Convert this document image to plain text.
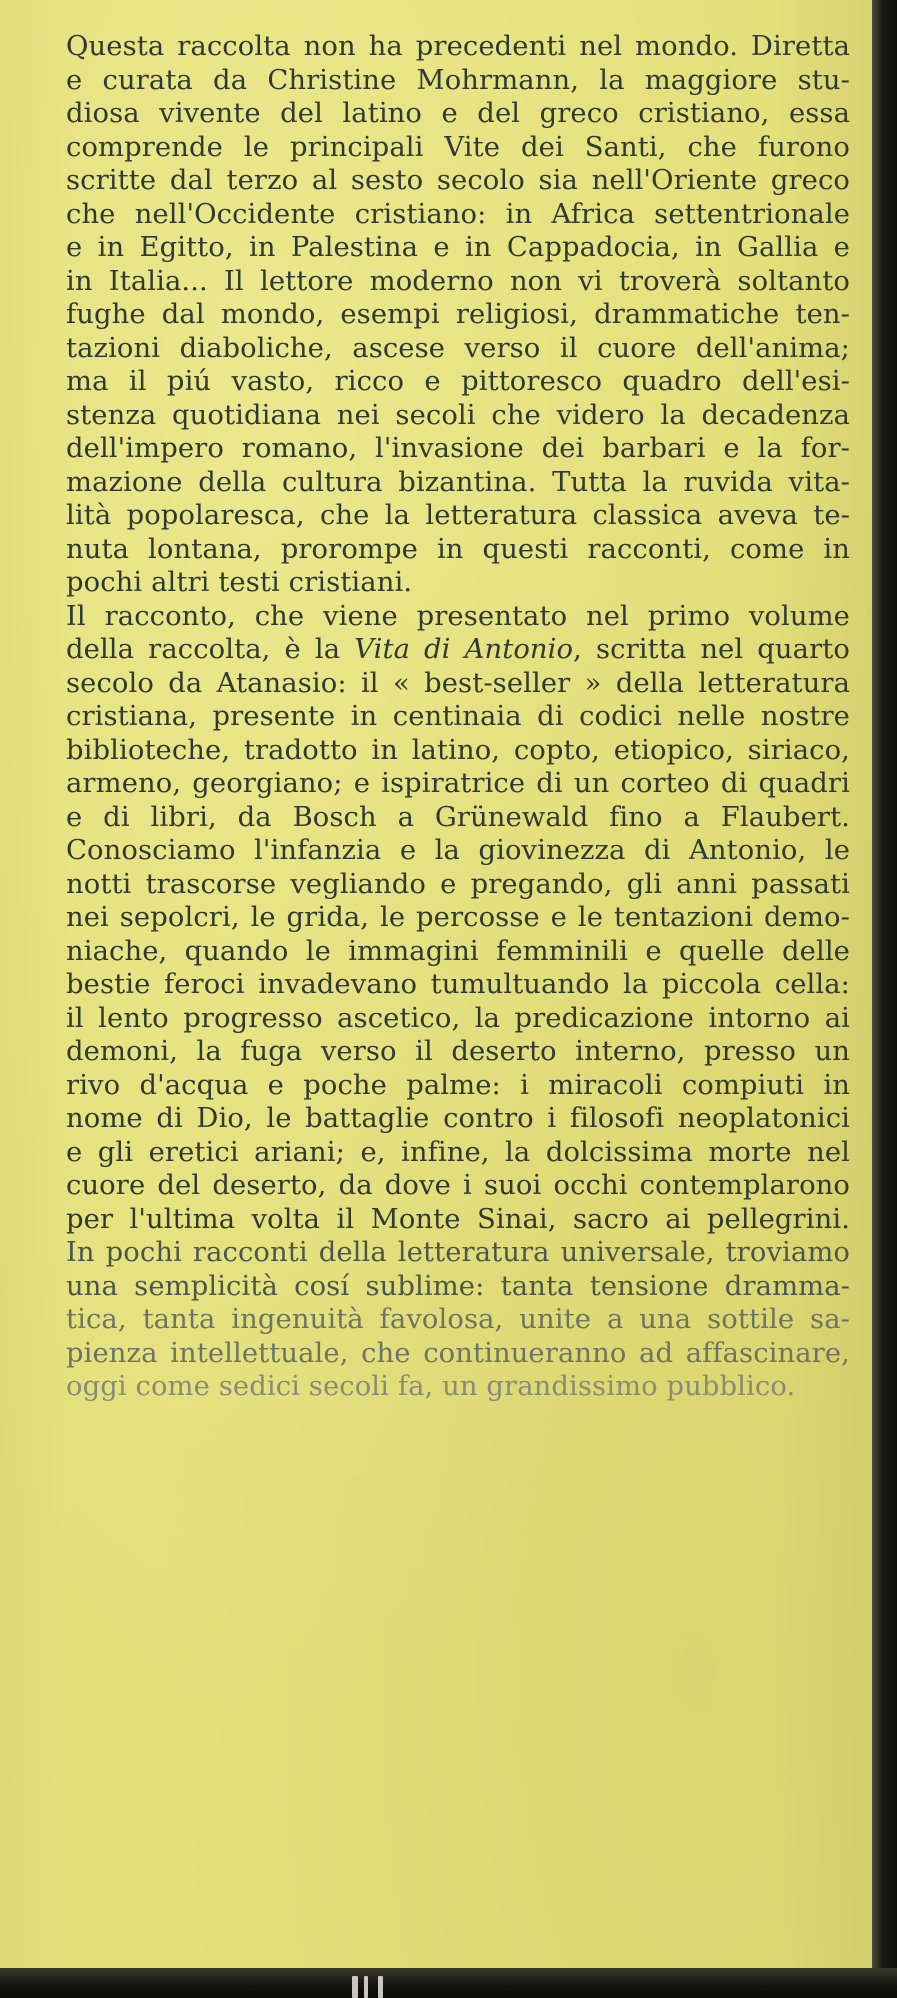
Questa raccolta non ha precedenti nel mondo. Diretta
e curata da Christine Mohrmann, la maggiore stu-
diosa vivente del latino e del greco cristiano, essa
comprende le principali Vite dei Santi, che furono
scritte dal terzo al sesto secolo sia nell'Oriente greco
che nell'Occidente cristiano: in Africa settentrionale
e in Egitto, in Palestina e in Cappadocia, in Gallia e
in Italia... Il lettore moderno non vi troverà soltanto
fughe dal mondo, esempi religiosi, drammatiche ten-
tazioni diaboliche, ascese verso il cuore dell'anima;
ma il piú vasto, ricco e pittoresco quadro dell'esi-
stenza quotidiana nei secoli che videro la decadenza
dell'impero romano, l'invasione dei barbari e la for-
mazione della cultura bizantina. Tutta la ruvida vita-
lità popolaresca, che la letteratura classica aveva te-
nuta lontana, prorompe in questi racconti, come in
pochi altri testi cristiani.
Il racconto, che viene presentato nel primo volume
della raccolta, è la Vita di Antonio, scritta nel quarto
secolo da Atanasio: il « best-seller » della letteratura
cristiana, presente in centinaia di codici nelle nostre
biblioteche, tradotto in latino, copto, etiopico, siriaco,
armeno, georgiano; e ispiratrice di un corteo di quadri
e di libri, da Bosch a Grünewald fino a Flaubert.
Conosciamo l'infanzia e la giovinezza di Antonio, le
notti trascorse vegliando e pregando, gli anni passati
nei sepolcri, le grida, le percosse e le tentazioni demo-
niache, quando le immagini femminili e quelle delle
bestie feroci invadevano tumultuando la piccola cella:
il lento progresso ascetico, la predicazione intorno ai
demoni, la fuga verso il deserto interno, presso un
rivo d'acqua e poche palme: i miracoli compiuti in
nome di Dio, le battaglie contro i filosofi neoplatonici
e gli eretici ariani; e, infine, la dolcissima morte nel
cuore del deserto, da dove i suoi occhi contemplarono
per l'ultima volta il Monte Sinai, sacro ai pellegrini.
In pochi racconti della letteratura universale, troviamo
una semplicità cosí sublime: tanta tensione dramma-
tica, tanta ingenuità favolosa, unite a una sottile sa-
pienza intellettuale, che continueranno ad affascinare,
oggi come sedici secoli fa, un grandissimo pubblico.
